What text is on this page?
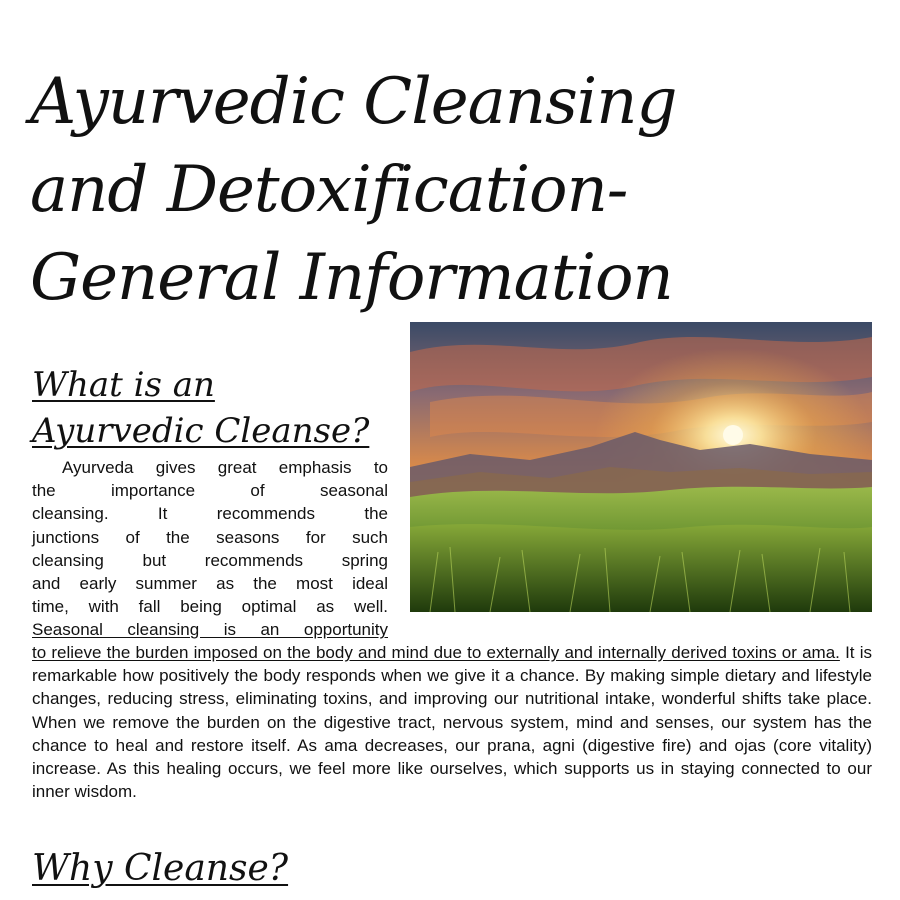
Ayurvedic Cleansing and Detoxification- General Information
What is an
Ayurvedic Cleanse?

Ayurveda gives great emphasis to
the importance of seasonal
cleansing. It recommends the
junctions of the seasons for such
cleansing but recommends spring
and early summer as the most ideal
time, with fall being optimal as well.
Seasonal cleansing is an opportunity

to relieve the burden imposed on the body and mind due to externally and internally derived toxins or ama. It is remarkable how positively the body responds when we give it a chance. By making simple dietary and lifestyle changes, reducing stress, eliminating toxins, and improving our nutritional intake, wonderful shifts take place. When we remove the burden on the digestive tract, nervous system, mind and senses, our system has the chance to heal and restore itself. As ama decreases, our prana, agni (digestive fire) and ojas (core vitality) increase. As this healing occurs, we feel more like ourselves, which supports us in staying connected to our inner wisdom.

Why Cleanse?
